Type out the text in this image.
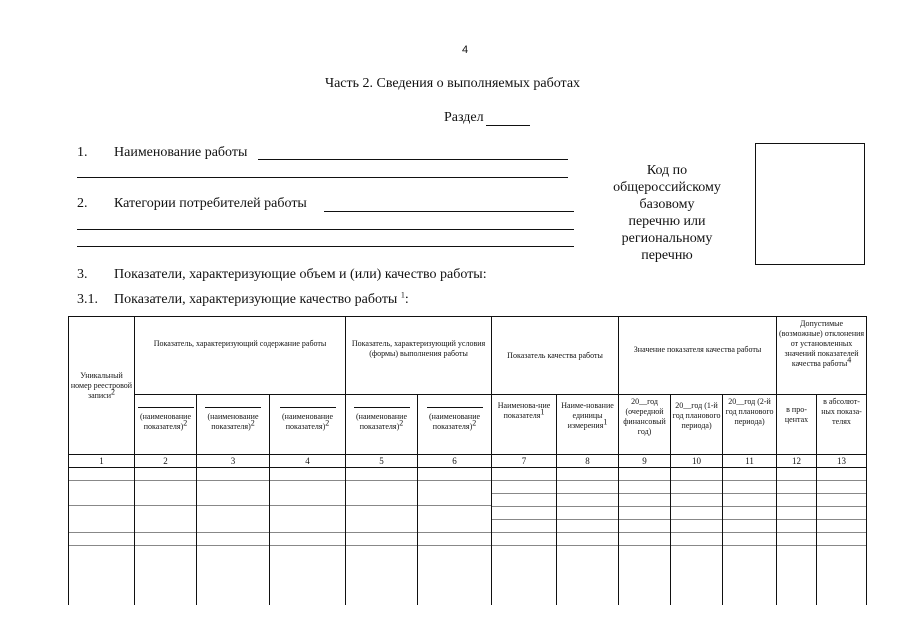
4
Часть 2. Сведения о выполняемых работах
Раздел
1. Наименование работы
2. Категории потребителей работы
Код по
общероссийскому
базовому
перечню или
региональному
перечню
3. Показатели, характеризующие объем и (или) качество работы:
3.1. Показатели, характеризующие качество работы $^1$:
Уникальный номер реестровой записи2	Показатель, характеризующий содержание работы			Показатель, характеризующий условия (формы) выполнения работы		Показатель качества работы		Значение показателя качества работы			Допустимые (возможные) отклонения от установленных значений показателей качества работы4	

	(наименование показателя)2	(наименование показателя)2	(наименование показателя)2	(наименование показателя)2	(наименование показателя)2	Наименова-ние показателя1	Наиме-нование единицы измерения1	20__год (очередной финансовый год)	20__год (1-й год планового периода)	20__год (2-й год планового периода)	в про-центах	в абсолют-ных показа-телях
1	2	3	4	5	6	7	8	9	10	11	12	13
